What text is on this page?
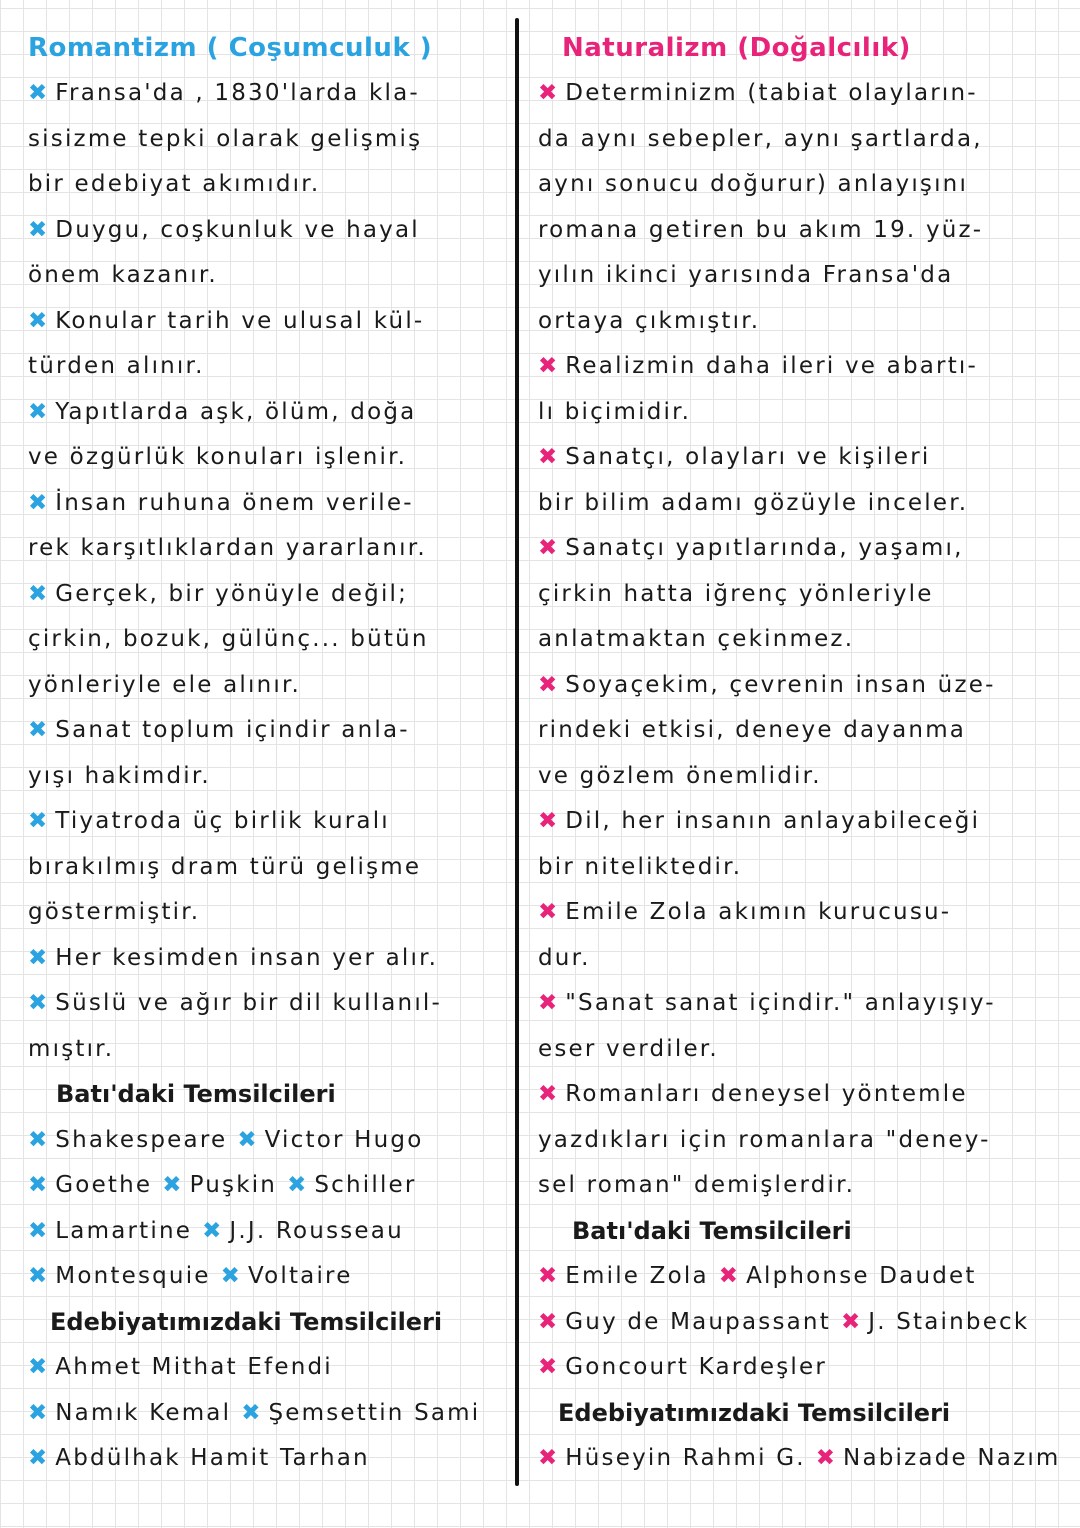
Romantizm ( Coşumculuk )
✖ Fransa'da , 1830'larda kla-
sisizme tepki olarak gelişmiş
bir edebiyat akımıdır.
✖ Duygu, coşkunluk ve hayal
önem kazanır.
✖ Konular tarih ve ulusal kül-
türden alınır.
✖ Yapıtlarda aşk, ölüm, doğa
ve özgürlük konuları işlenir.
✖ İnsan ruhuna önem verile-
rek karşıtlıklardan yararlanır.
✖ Gerçek, bir yönüyle değil;
çirkin, bozuk, gülünç... bütün
yönleriyle ele alınır.
✖ Sanat toplum içindir anla-
yışı hakimdir.
✖ Tiyatroda üç birlik kuralı
bırakılmış dram türü gelişme
göstermiştir.
✖ Her kesimden insan yer alır.
✖ Süslü ve ağır bir dil kullanıl-
mıştır.
Batı'daki Temsilcileri
✖ Shakespeare ✖ Victor Hugo
✖ Goethe ✖ Puşkin ✖ Schiller
✖ Lamartine ✖ J.J. Rousseau
✖ Montesquie ✖ Voltaire
Edebiyatımızdaki Temsilcileri
✖ Ahmet Mithat Efendi
✖ Namık Kemal ✖ Şemsettin Sami
✖ Abdülhak Hamit Tarhan
Naturalizm (Doğalcılık)
✖ Determinizm (tabiat olayların-
da aynı sebepler, aynı şartlarda,
aynı sonucu doğurur) anlayışını
romana getiren bu akım 19. yüz-
yılın ikinci yarısında Fransa'da
ortaya çıkmıştır.
✖ Realizmin daha ileri ve abartı-
lı biçimidir.
✖ Sanatçı, olayları ve kişileri
bir bilim adamı gözüyle inceler.
✖ Sanatçı yapıtlarında, yaşamı,
çirkin hatta iğrenç yönleriyle
anlatmaktan çekinmez.
✖ Soyaçekim, çevrenin insan üze-
rindeki etkisi, deneye dayanma
ve gözlem önemlidir.
✖ Dil, her insanın anlayabileceği
bir niteliktedir.
✖ Emile Zola akımın kurucusu-
dur.
✖ "Sanat sanat içindir." anlayışıy-
eser verdiler.
✖ Romanları deneysel yöntemle
yazdıkları için romanlara "deney-
sel roman" demişlerdir.
Batı'daki Temsilcileri
✖ Emile Zola ✖ Alphonse Daudet
✖ Guy de Maupassant ✖ J. Stainbeck
✖ Goncourt Kardeşler
Edebiyatımızdaki Temsilcileri
✖ Hüseyin Rahmi G. ✖ Nabizade Nazım
